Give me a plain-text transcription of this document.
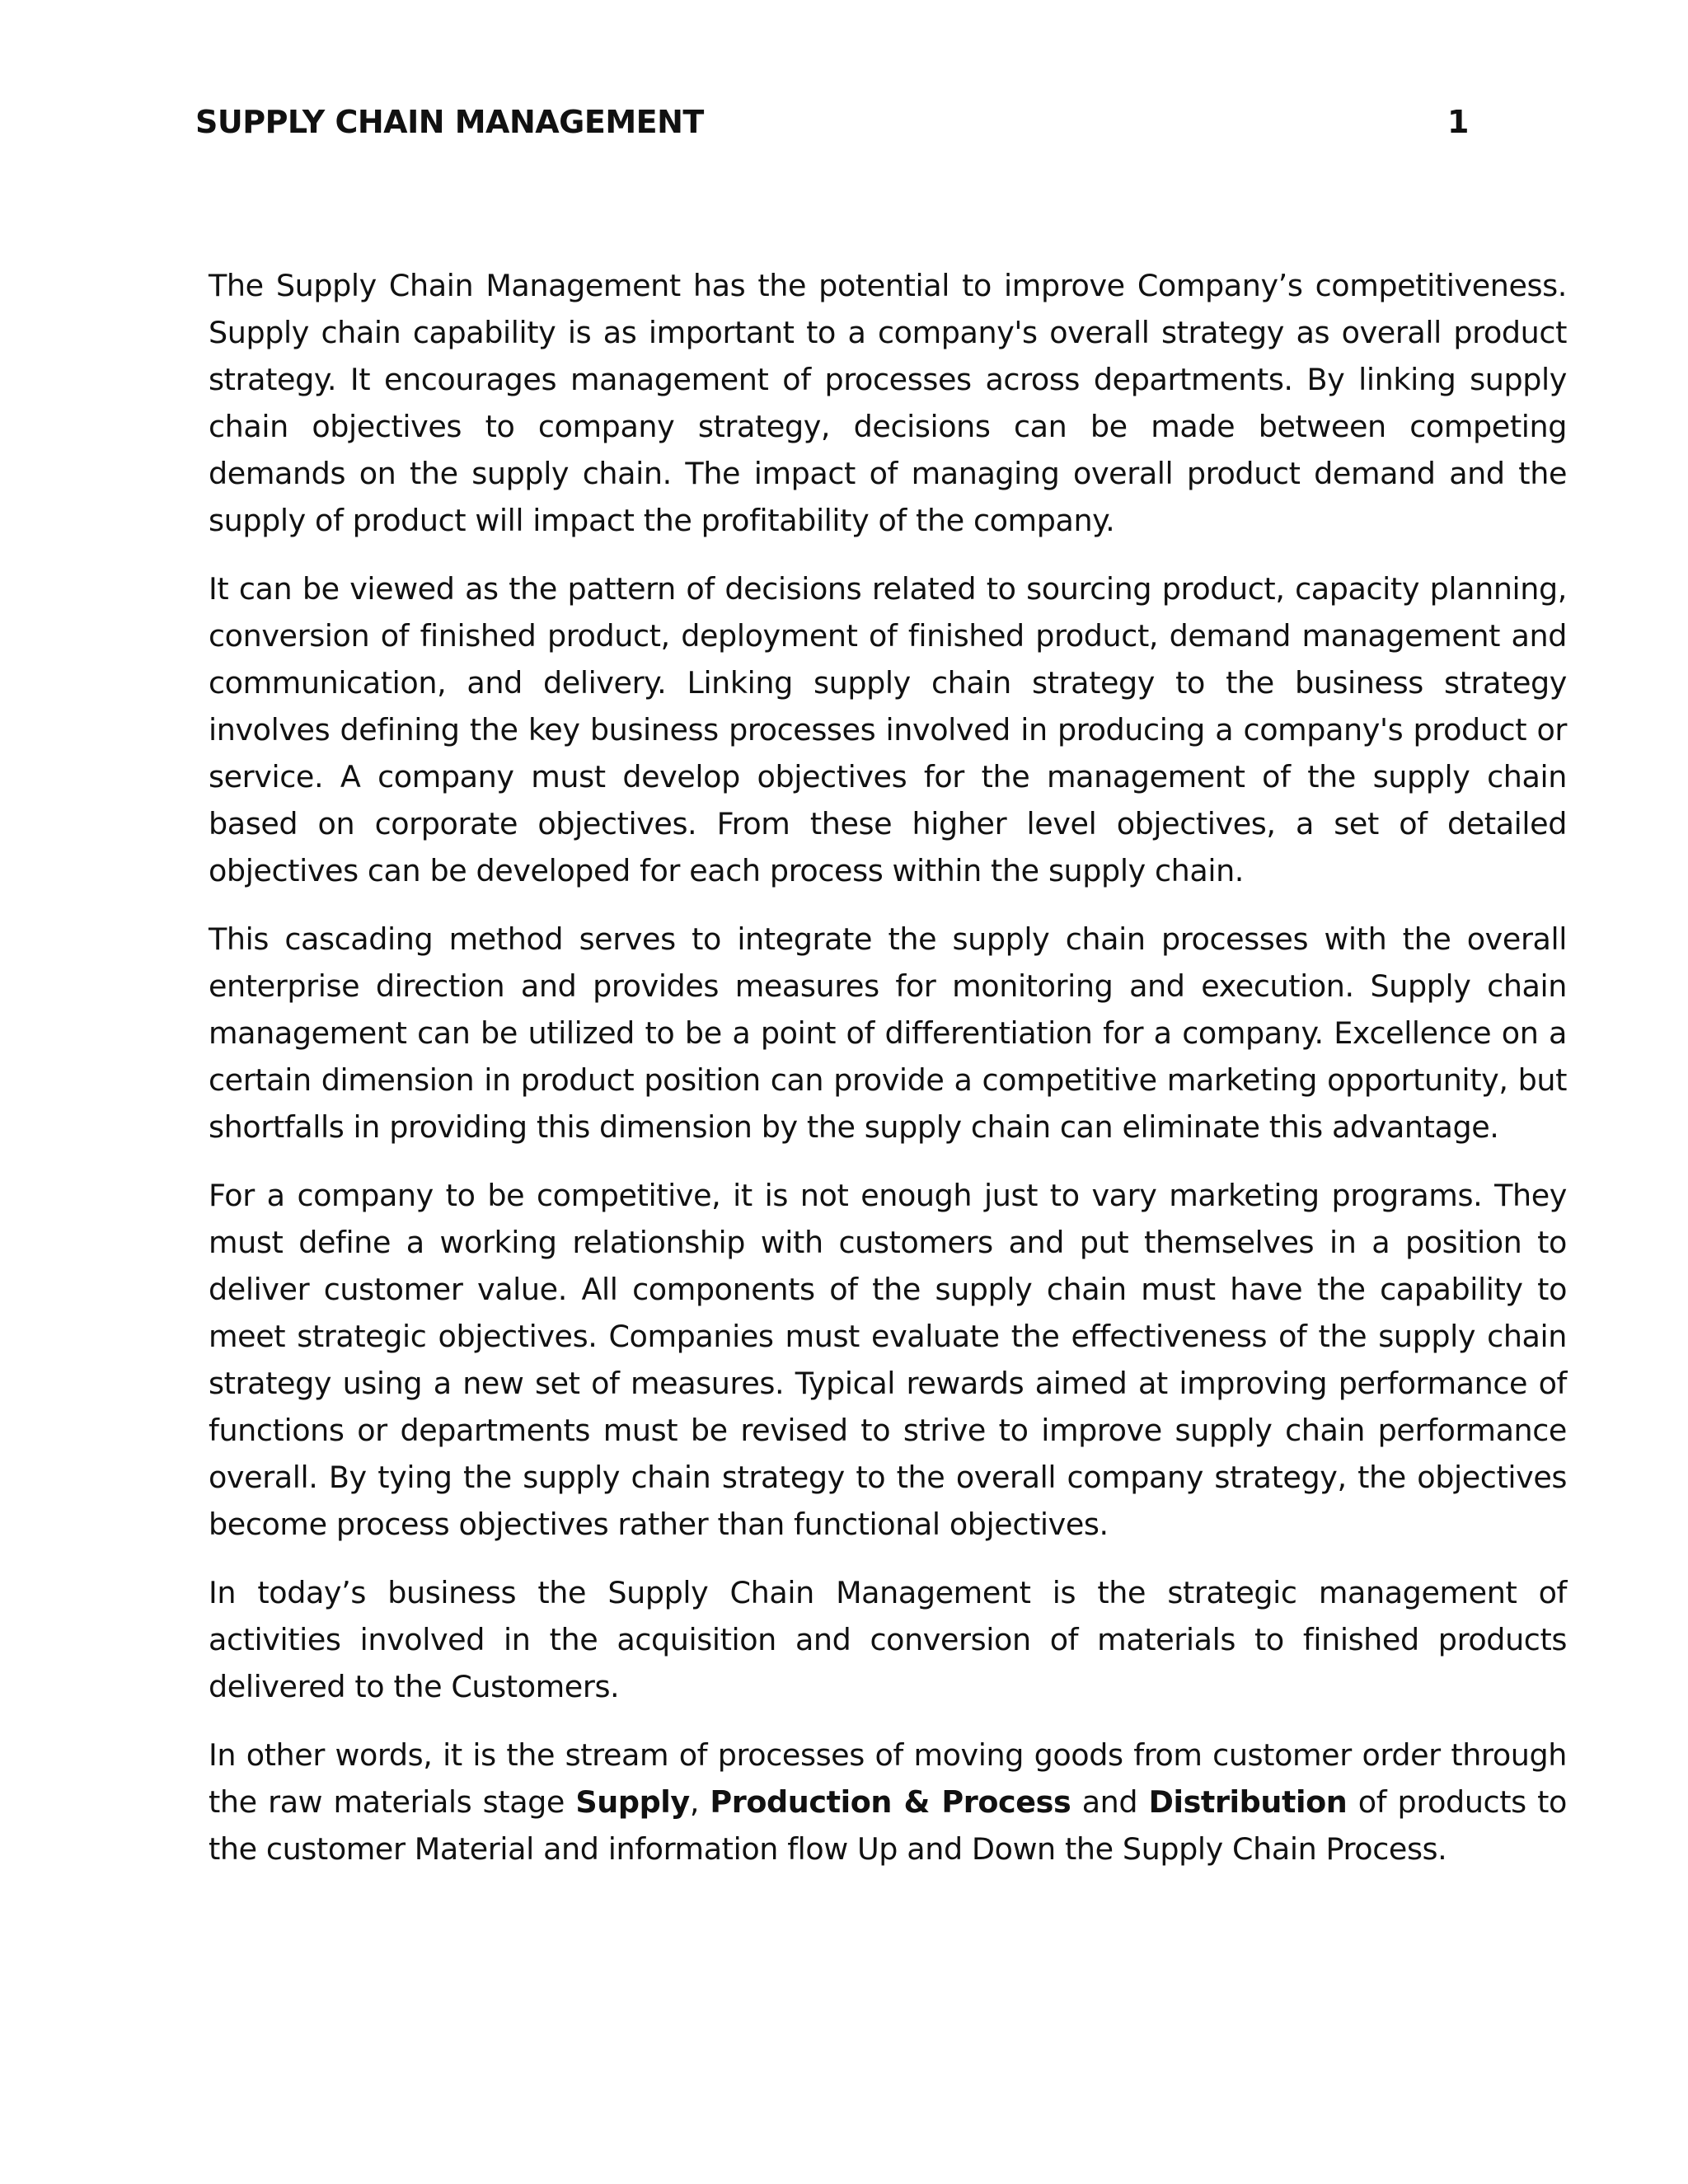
SUPPLY CHAIN MANAGEMENT	1

The Supply Chain Management has the potential to improve Company’s competitiveness. Supply chain capability is as important to a company's overall strategy as overall product strategy. It encourages management of processes across departments. By linking supply chain objectives to company strategy, decisions can be made between competing demands on the supply chain. The impact of managing overall product demand and the supply of product will impact the profitability of the company.

It can be viewed as the pattern of decisions related to sourcing product, capacity planning, conversion of finished product, deployment of finished product, demand management and communication, and delivery. Linking supply chain strategy to the business strategy involves defining the key business processes involved in producing a company's product or service. A company must develop objectives for the management of the supply chain based on corporate objectives. From these higher level objectives, a set of detailed objectives can be developed for each process within the supply chain.

This cascading method serves to integrate the supply chain processes with the overall enterprise direction and provides measures for monitoring and execution. Supply chain management can be utilized to be a point of differentiation for a company. Excellence on a certain dimension in product position can provide a competitive marketing opportunity, but shortfalls in providing this dimension by the supply chain can eliminate this advantage.

For a company to be competitive, it is not enough just to vary marketing programs. They must define a working relationship with customers and put themselves in a position to deliver customer value. All components of the supply chain must have the capability to meet strategic objectives. Companies must evaluate the effectiveness of the supply chain strategy using a new set of measures. Typical rewards aimed at improving performance of functions or departments must be revised to strive to improve supply chain performance overall. By tying the supply chain strategy to the overall company strategy, the objectives become process objectives rather than functional objectives.

In today’s business the Supply Chain Management is the strategic management of activities involved in the acquisition and conversion of materials to finished products delivered to the Customers.

In other words, it is the stream of processes of moving goods from customer order through the raw materials stage Supply, Production & Process and Distribution of products to the customer Material and information flow Up and Down the Supply Chain Process.
